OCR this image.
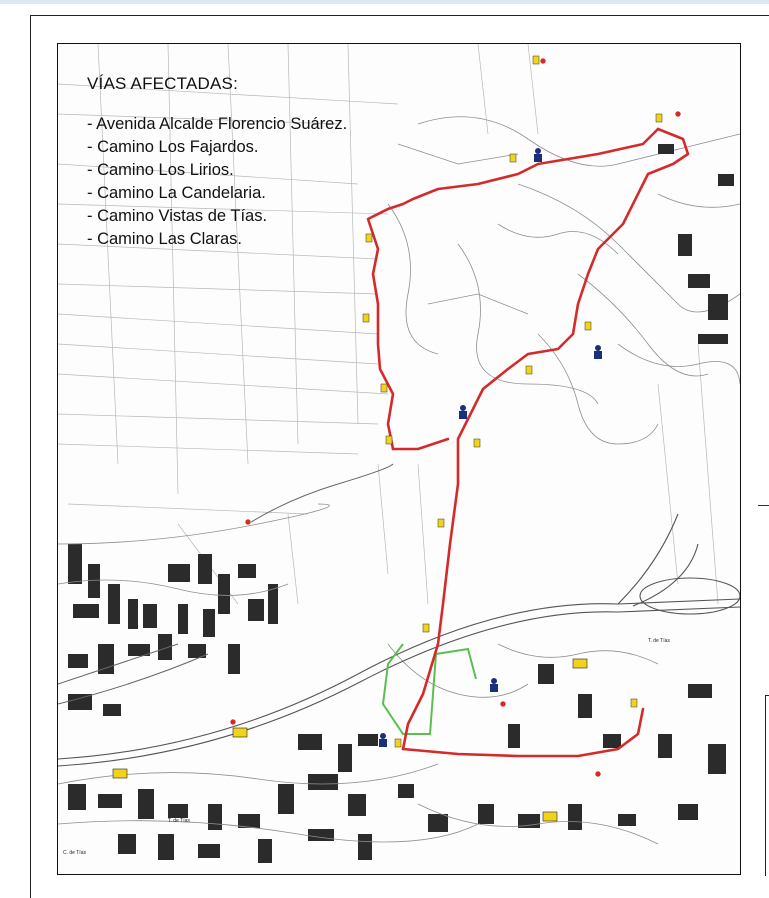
T. de Tías
T. de Tías
C. de Tías
VÍAS AFECTADAS:
- Avenida Alcalde Florencio Suárez.
- Camino Los Fajardos.
- Camino Los Lirios.
- Camino La Candelaria.
- Camino Vistas de Tías.
- Camino Las Claras.
